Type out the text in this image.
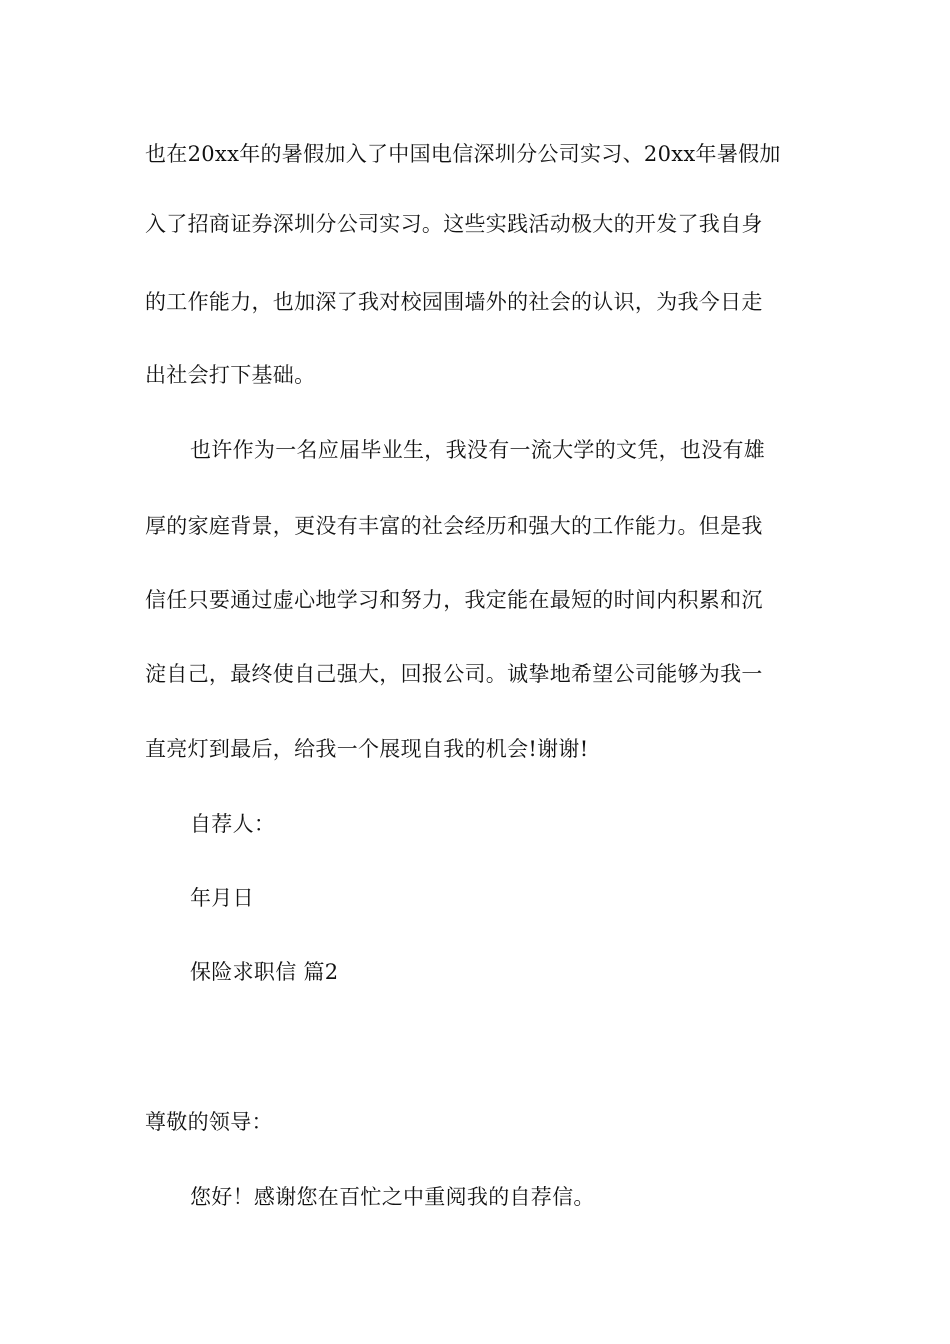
也在20xx年的暑假加入了中国电信深圳分公司实习、20xx年暑假加
入了招商证券深圳分公司实习。这些实践活动极大的开发了我自身
的工作能力，也加深了我对校园围墙外的社会的认识，为我今日走
出社会打下基础。
也许作为一名应届毕业生，我没有一流大学的文凭，也没有雄
厚的家庭背景，更没有丰富的社会经历和强大的工作能力。但是我
信任只要通过虚心地学习和努力，我定能在最短的时间内积累和沉
淀自己，最终使自己强大，回报公司。诚挚地希望公司能够为我一
直亮灯到最后，给我一个展现自我的机会!谢谢!
自荐人：
年月日
保险求职信 篇2
尊敬的领导：
您好！感谢您在百忙之中重阅我的自荐信。
